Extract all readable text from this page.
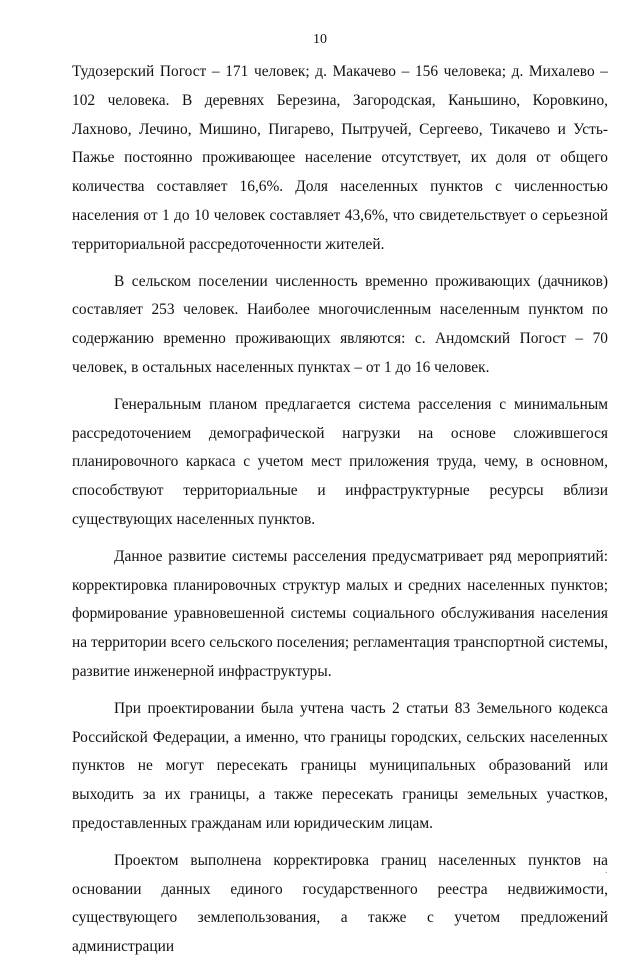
10

Тудозерский Погост – 171 человек; д. Макачево – 156 человека; д. Михалево – 102 человека. В деревнях Березина, Загородская, Каньшино, Коровкино, Лахново, Лечино, Мишино, Пигарево, Пытручей, Сергеево, Тикачево и Усть-Пажье постоянно проживающее население отсутствует, их доля от общего количества составляет 16,6%. Доля населенных пунктов с численностью населения от 1 до 10 человек составляет 43,6%, что свидетельствует о серьезной территориальной рассредоточенности жителей.

В сельском поселении численность временно проживающих (дачников) составляет 253 человек. Наиболее многочисленным населенным пунктом по содержанию временно проживающих являются: с. Андомский Погост – 70 человек, в остальных населенных пунктах – от 1 до 16 человек.

Генеральным планом предлагается система расселения с минимальным рассредоточением демографической нагрузки на основе сложившегося планировочного каркаса с учетом мест приложения труда, чему, в основном, способствуют территориальные и инфраструктурные ресурсы вблизи существующих населенных пунктов.

Данное развитие системы расселения предусматривает ряд мероприятий: корректировка планировочных структур малых и средних населенных пунктов; формирование уравновешенной системы социального обслуживания населения на территории всего сельского поселения; регламентация транспортной системы, развитие инженерной инфраструктуры.

При проектировании была учтена часть 2 статьи 83 Земельного кодекса Российской Федерации, а именно, что границы городских, сельских населенных пунктов не могут пересекать границы муниципальных образований или выходить за их границы, а также пересекать границы земельных участков, предоставленных гражданам или юридическим лицам.

Проектом выполнена корректировка границ населенных пунктов на основании данных единого государственного реестра недвижимости, существующего землепользования, а также с учетом предложений администрации

·
